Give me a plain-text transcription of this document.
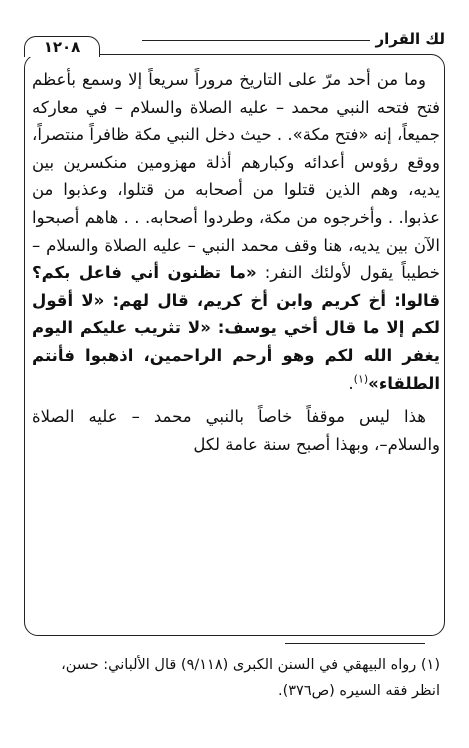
لك القرار
١٢٠٨

وما من أحد مرّ على التاريخ مروراً سريعاً إلا وسمع بأعظم فتح فتحه النبي محمد – عليه الصلاة والسلام – في معاركه جميعاً، إنه «فتح مكة». . حيث دخل النبي مكة ظافراً منتصراً، ووقع رؤوس أعدائه وكبارهم أذلة مهزومين منكسرين بين يديه، وهم الذين قتلوا من أصحابه من قتلوا، وعذبوا من عذبوا. . وأخرجوه من مكة، وطردوا أصحابه. . . هاهم أصبحوا الآن بين يديه، هنا وقف محمد النبي – عليه الصلاة والسلام – خطيباً يقول لأولئك النفر: «ما تظنون أني فاعل بكم؟ قالوا: أخ كريم وابن أخ كريم، قال لهم: «لا أقول لكم إلا ما قال أخي يوسف: «لا تثريب عليكم اليوم يغفر الله لكم وهو أرحم الراحمين، اذهبوا فأنتم الطلقاء»$^{(١)}$.

هذا ليس موقفاً خاصاً بالنبي محمد – عليه الصلاة والسلام–، وبهذا أصبح سنة عامة لكل

(١) رواه البيهقي في السنن الكبرى (٩/١١٨) قال الألباني: حسن، انظر فقه السيره (ص٣٧٦).
